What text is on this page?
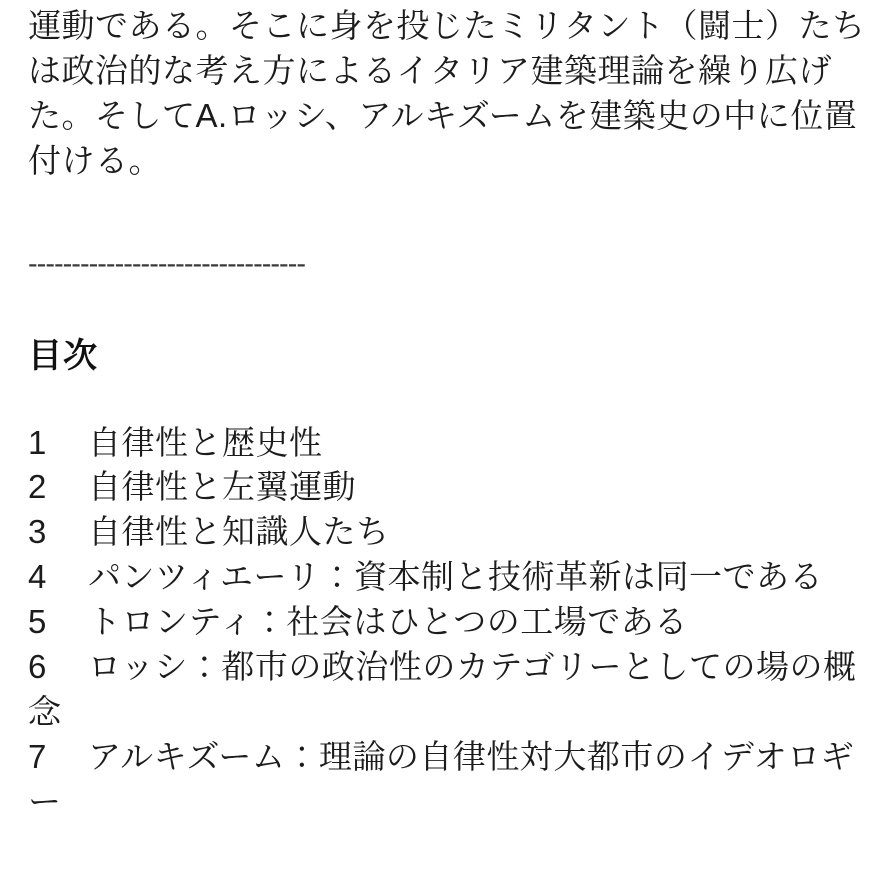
運動である。そこに身を投じたミリタント（闘士）たちは政治的な考え方によるイタリア建築理論を繰り広げた。そしてA.ロッシ、アルキズームを建築史の中に位置付ける。

--------------------------------
目次
1 自律性と歴史性
2 自律性と左翼運動
3 自律性と知識人たち
4 パンツィエーリ：資本制と技術革新は同一である
5 トロンティ：社会はひとつの工場である
6 ロッシ：都市の政治性のカテゴリーとしての場の概念
7 アルキズーム：理論の自律性対大都市のイデオロギー
